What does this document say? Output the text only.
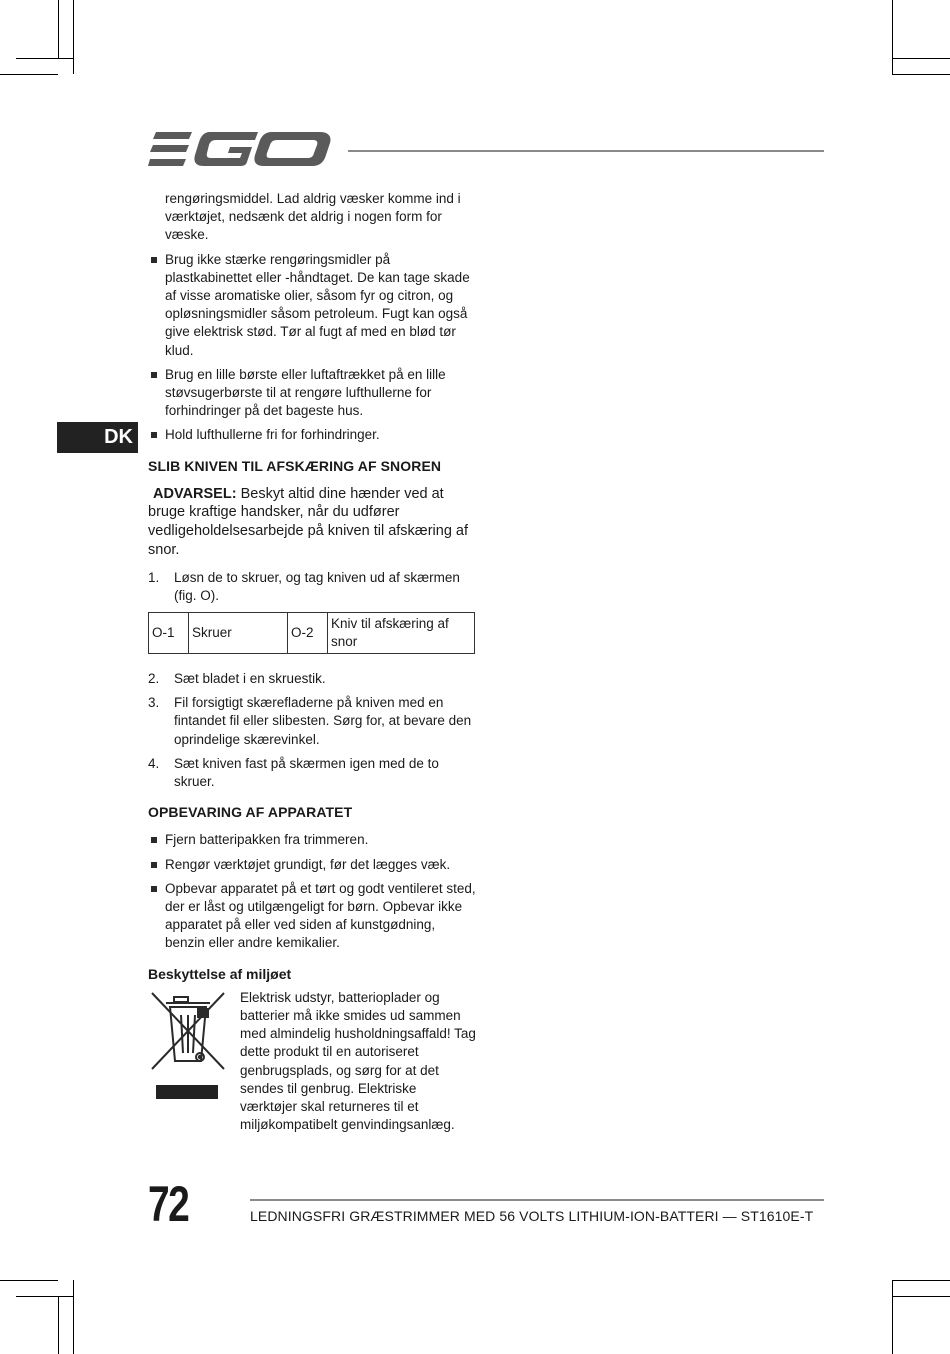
DK

rengøringsmiddel. Lad aldrig væsker komme ind i værktøjet, nedsænk det aldrig i nogen form for væske.

Brug ikke stærke rengøringsmidler på plastkabinettet eller -håndtaget. De kan tage skade af visse aromatiske olier, såsom fyr og citron, og opløsningsmidler såsom petroleum. Fugt kan også give elektrisk stød. Tør al fugt af med en blød tør klud.
Brug en lille børste eller luftaftrækket på en lille støvsugerbørste til at rengøre lufthullerne for forhindringer på det bageste hus.
Hold lufthullerne fri for forhindringer.
SLIB KNIVEN TIL AFSKÆRING AF SNOREN

ADVARSEL: Beskyt altid dine hænder ved at bruge kraftige handsker, når du udfører vedligeholdelsesarbejde på kniven til afskæring af snor.

1. Løsn de to skruer, og tag kniven ud af skærmen (fig. O).
O-1	Skruer	O-2	Kniv til afskæring af snor
2. Sæt bladet i en skruestik.
3. Fil forsigtigt skærefladerne på kniven med en fintandet fil eller slibesten. Sørg for, at bevare den oprindelige skærevinkel.
4. Sæt kniven fast på skærmen igen med de to skruer.
OPBEVARING AF APPARATET
Fjern batteripakken fra trimmeren.
Rengør værktøjet grundigt, før det lægges væk.
Opbevar apparatet på et tørt og godt ventileret sted, der er låst og utilgængeligt for børn. Opbevar ikke apparatet på eller ved siden af kunstgødning, benzin eller andre kemikalier.
Beskyttelse af miljøet

Elektrisk udstyr, batterioplader og batterier må ikke smides ud sammen med almindelig husholdningsaffald! Tag dette produkt til en autoriseret genbrugsplads, og sørg for at det sendes til genbrug. Elektriske værktøjer skal returneres til et miljøkompatibelt genvindingsanlæg.

72	LEDNINGSFRI GRÆSTRIMMER MED 56 VOLTS LITHIUM-ION-BATTERI — ST1610E-T
